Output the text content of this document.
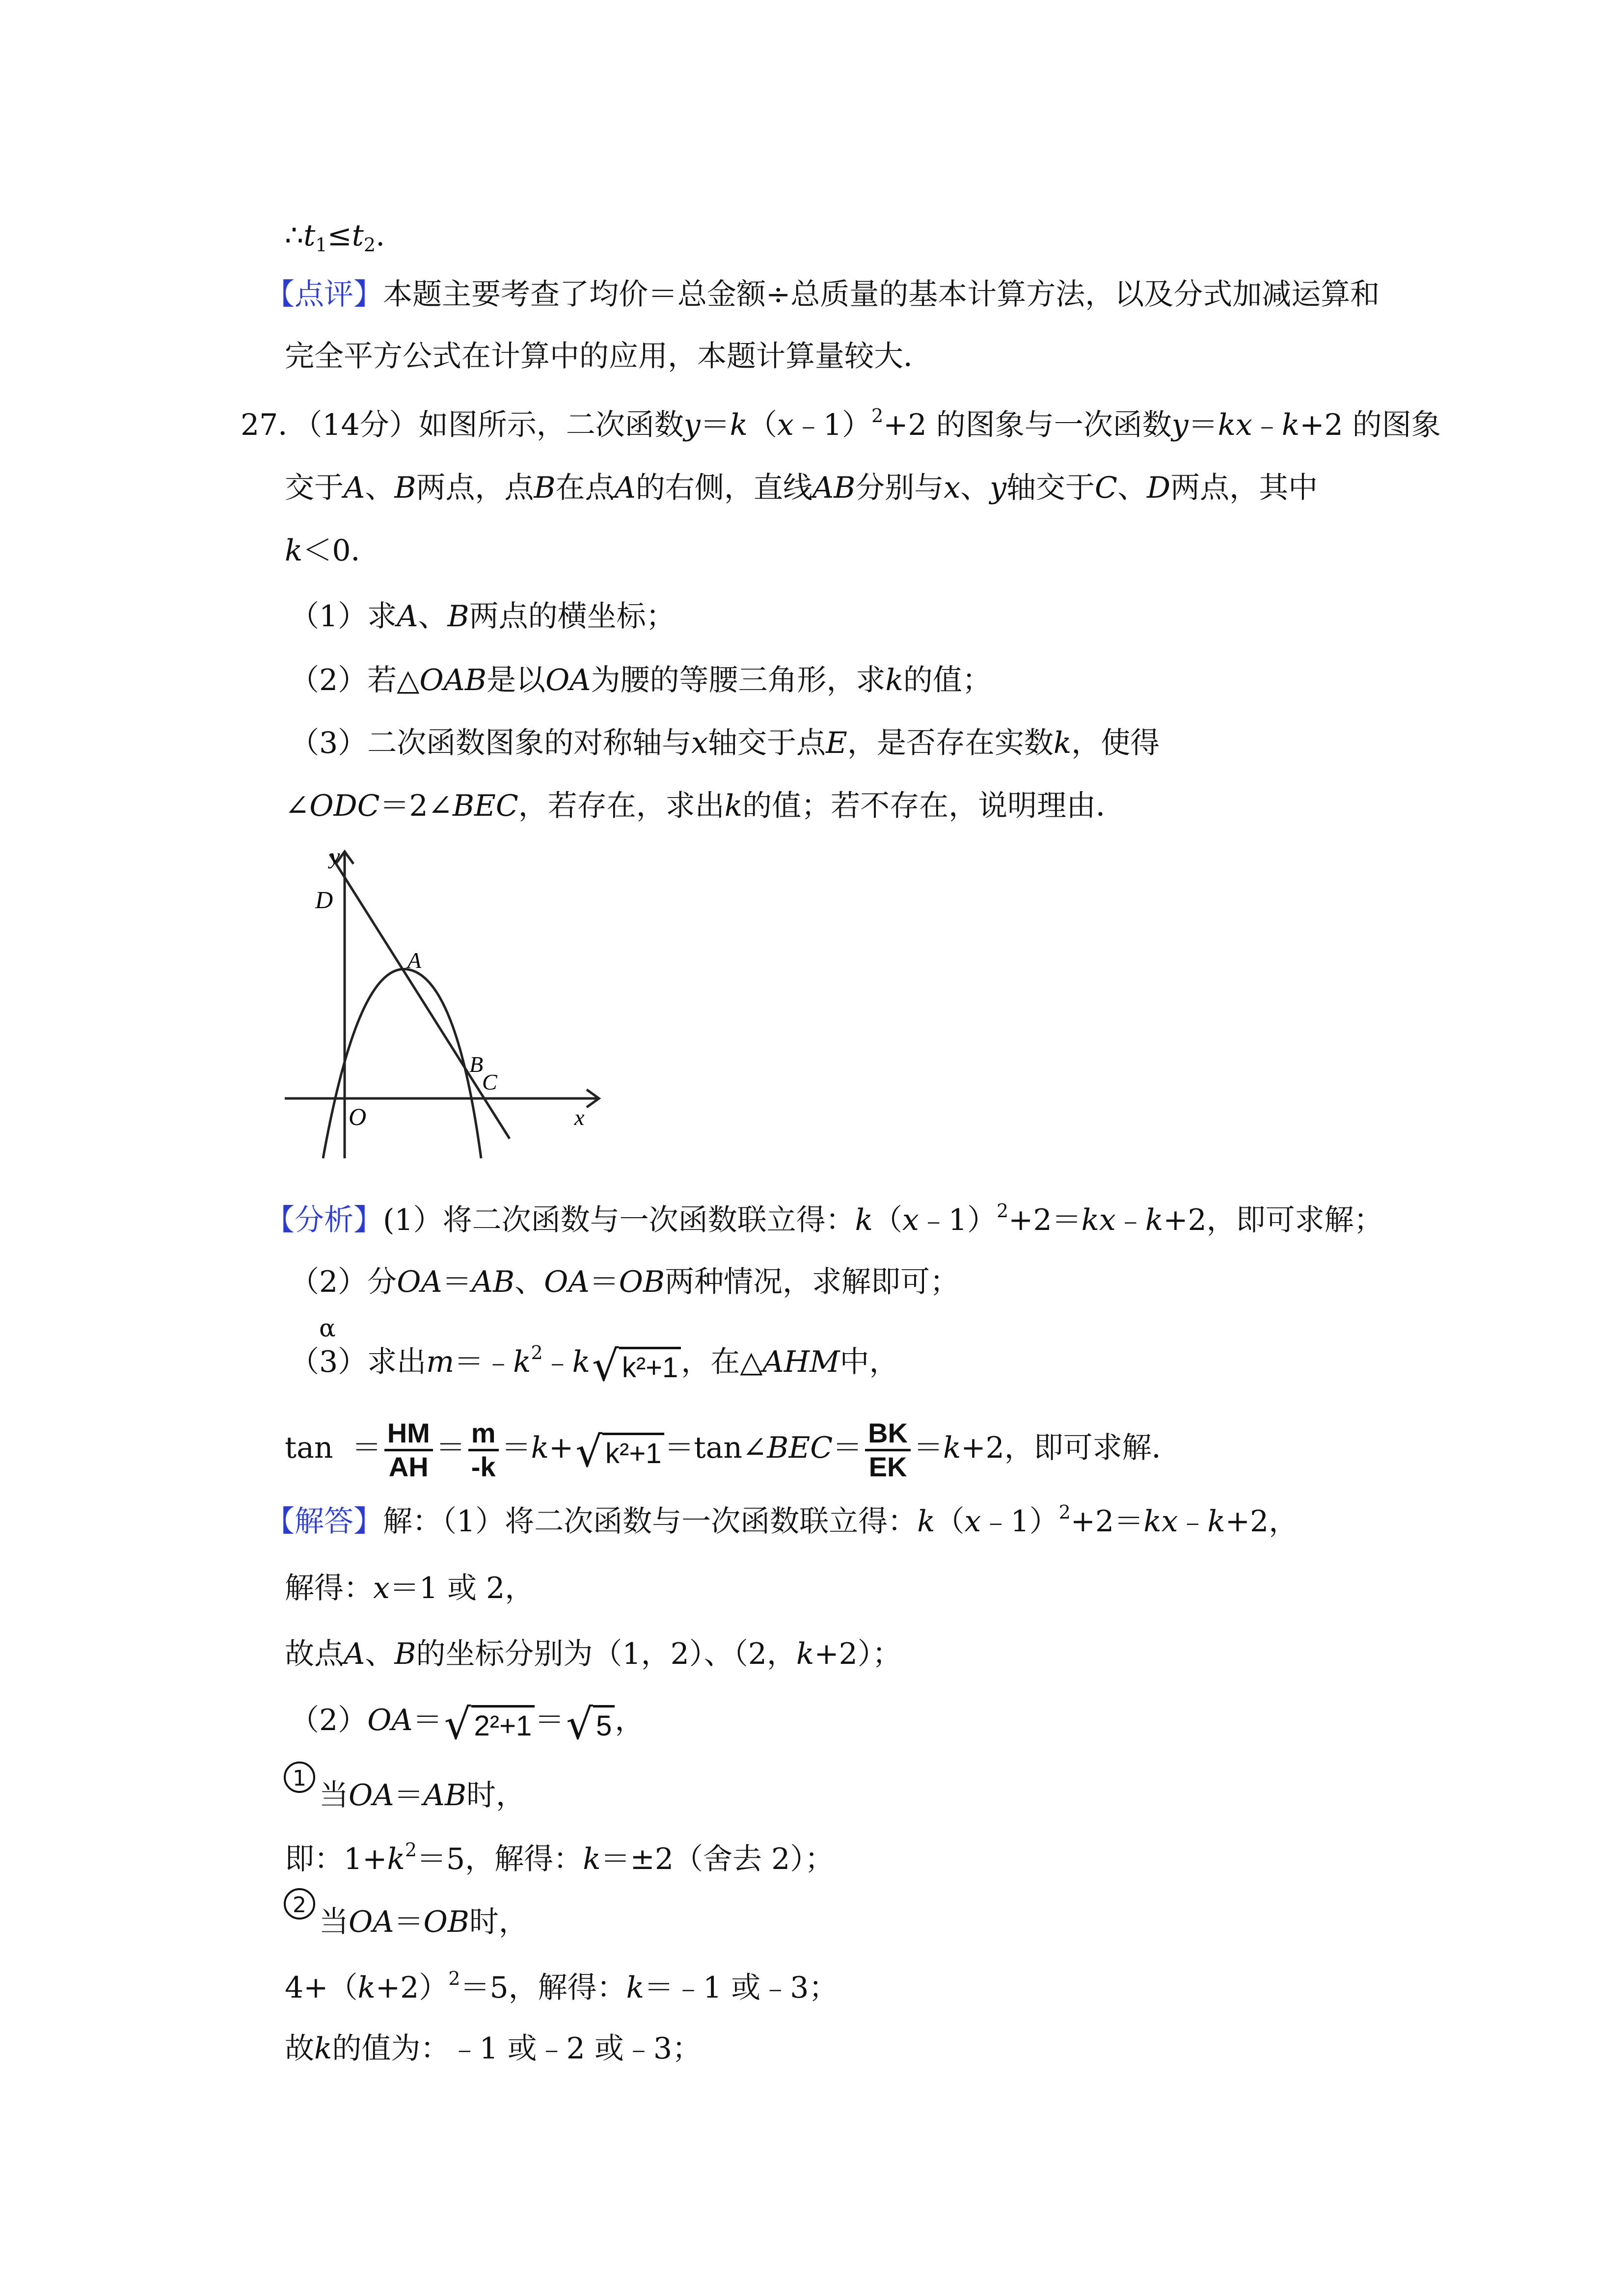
$\therefore t_1\le t_2$.
【点评】本题主要考查了均价＝总金额÷总质量的基本计算方法，以及分式加减运算和
完全平方公式在计算中的应用，本题计算量较大．
27．（14分）如图所示，二次函数y＝k（x﹣1）$^2$+2 的图象与一次函数y＝kx﹣k+2 的图象
交于A、B两点，点B在点A的右侧，直线AB分别与x、y轴交于C、D两点，其中
k＜0．
（1）求A、B两点的横坐标；
（2）若△OAB是以OA为腰的等腰三角形，求k的值；
（3）二次函数图象的对称轴与x轴交于点E，是否存在实数k，使得
∠ODC＝2∠BEC，若存在，求出k的值；若不存在，说明理由．
y
D
A
B
C
O	x
【分析】(1）将二次函数与一次函数联立得：k（x﹣1）$^2$+2＝kx﹣k+2，即可求解；
（2）分OA＝AB、OA＝OB两种情况，求解即可；
α
（3）求出$m=﹣k^2﹣k√$ k²+1 ，在△AHM中，
$\tan = \frac{HM}{AH} = \frac{m}{-k} =k+√$ k²+1 ＝tan∠BEC＝ $\frac{BK}{EK} =k+2$，即可求解．
【解答】解：（1）将二次函数与一次函数联立得：k（x﹣1）$^2$+2＝kx﹣k+2，
解得：x＝1 或 2，
故点A、B的坐标分别为（1，2）、（2，k+2）；
（2）OA＝√ 2²+1 ＝√ 5 ，
1 当OA＝AB时，
即：$1+k^2=5$，解得：k＝±2（舍去 2）；
2 当OA＝OB时，
$4+(k+2)^2=5$，解得：k＝﹣1 或﹣3；
故k的值为：﹣1 或﹣2 或﹣3；
